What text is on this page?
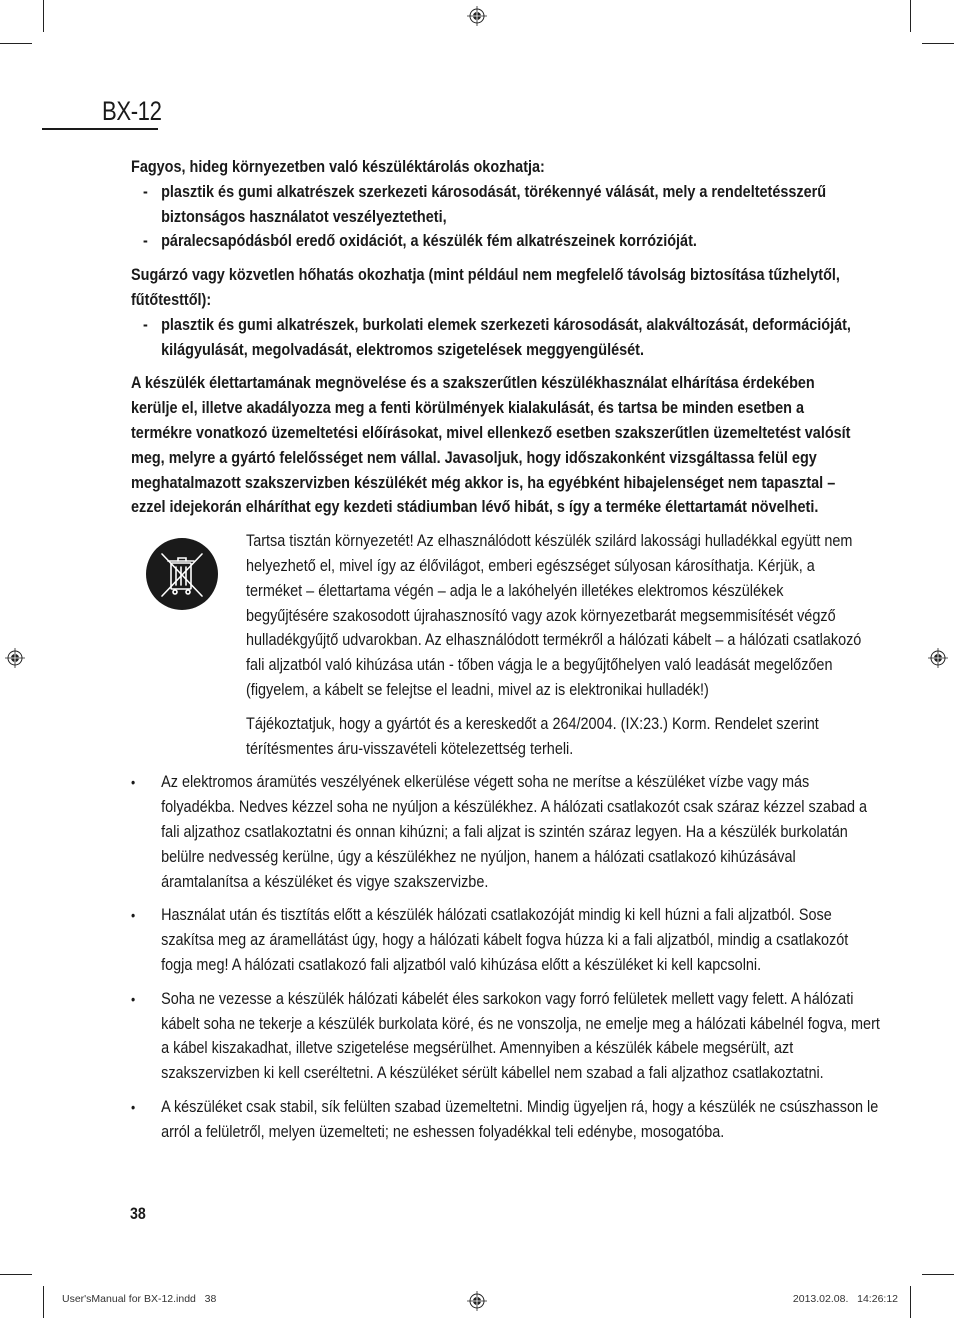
BX-12

Fagyos, hideg környezetben való készüléktárolás okozhatja:

- plasztik és gumi alkatrészek szerkezeti károsodását, törékennyé válását, mely a rendeltetésszerű biztonságos használatot veszélyeztetheti,
- páralecsapódásból eredő oxidációt, a készülék fém alkatrészeinek korrózióját.

Sugárzó vagy közvetlen hőhatás okozhatja (mint például nem megfelelő távolság biztosítása tűzhelytől, fűtőtesttől):

- plasztik és gumi alkatrészek, burkolati elemek szerkezeti károsodását, alakváltozását, deformációját, kilágyulását, megolvadását, elektromos szigetelések meggyengülését.

A készülék élettartamának megnövelése és a szakszerűtlen készülékhasználat elhárítása érdekében kerülje el, illetve akadályozza meg a fenti körülmények kialakulását, és tartsa be minden esetben a termékre vonatkozó üzemeltetési előírásokat, mivel ellenkező esetben szakszerűtlen üzemeltetést valósít meg, melyre a gyártó felelősséget nem vállal. Javasoljuk, hogy időszakonként vizsgáltassa felül egy meghatalmazott szakszervizben készülékét még akkor is, ha egyébként hibajelenséget nem tapasztal – ezzel idejekorán elháríthat egy kezdeti stádiumban lévő hibát, s így a terméke élettartamát növelheti.

Tartsa tisztán környezetét! Az elhasználódott készülék szilárd lakossági hulladékkal együtt nem helyezhető el, mivel így az élővilágot, emberi egészséget súlyosan károsíthatja. Kérjük, a terméket – élettartama végén – adja le a lakóhelyén illetékes elektromos készülékek begyűjtésére szakosodott újrahasznosító vagy azok környezetbarát megsemmisítését végző hulladékgyűjtő udvarokban. Az elhasználódott termékről a hálózati kábelt – a hálózati csatlakozó fali aljzatból való kihúzása után - tőben vágja le a begyűjtőhelyen való leadását megelőzően (figyelem, a kábelt se felejtse el leadni, mivel az is elektronikai hulladék!)

Tájékoztatjuk, hogy a gyártót és a kereskedőt a 264/2004. (IX:23.) Korm. Rendelet szerint térítésmentes áru-visszavételi kötelezettség terheli.

• Az elektromos áramütés veszélyének elkerülése végett soha ne merítse a készüléket vízbe vagy más folyadékba. Nedves kézzel soha ne nyúljon a készülékhez. A hálózati csatlakozót csak száraz kézzel szabad a fali aljzathoz csatlakoztatni és onnan kihúzni; a fali aljzat is szintén száraz legyen. Ha a készülék burkolatán belülre nedvesség kerülne, úgy a készülékhez ne nyúljon, hanem a hálózati csatlakozó kihúzásával áramtalanítsa a készüléket és vigye szakszervizbe.
• Használat után és tisztítás előtt a készülék hálózati csatlakozóját mindig ki kell húzni a fali aljzatból. Sose szakítsa meg az áramellátást úgy, hogy a hálózati kábelt fogva húzza ki a fali aljzatból, mindig a csatlakozót fogja meg! A hálózati csatlakozó fali aljzatból való kihúzása előtt a készüléket ki kell kapcsolni.
• Soha ne vezesse a készülék hálózati kábelét éles sarkokon vagy forró felületek mellett vagy felett. A hálózati kábelt soha ne tekerje a készülék burkolata köré, és ne vonszolja, ne emelje meg a hálózati kábelnél fogva, mert a kábel kiszakadhat, illetve szigetelése megsérülhet. Amennyiben a készülék kábele megsérült, azt szakszervizben ki kell cseréltetni. A készüléket sérült kábellel nem szabad a fali aljzathoz csatlakoztatni.
• A készüléket csak stabil, sík felülten szabad üzemeltetni. Mindig ügyeljen rá, hogy a készülék ne csúszhasson le arról a felületről, melyen üzemelteti; ne eshessen folyadékkal teli edénybe, mosogatóba.
38
User'sManual for BX-12.indd   38	2013.02.08.   14:26:12
